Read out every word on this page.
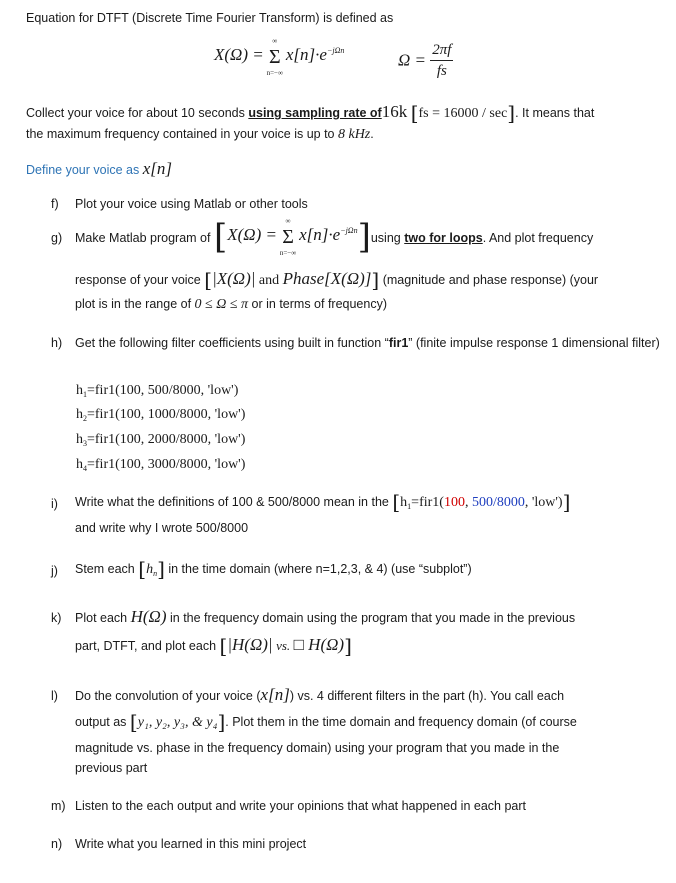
Equation for DTFT (Discrete Time Fourier Transform) is defined as
X(Ω) =
∞
Σ
n=−∞
$x[n]\cdot e^{-j\Omega n}$	$\Omega = \frac{2\pi f}{fs}$
Collect your voice for about 10 seconds using sampling rate of16k [fs = 16000 / sec]. It means that
the maximum frequency contained in your voice is up to 8 kHz.
Define your voice as x[n]
f) Plot your voice using Matlab or other tools
g) Make Matlab program of [X(Ω) =
∞
Σ
n=−∞
$x[n]\cdot e^{-j\Omega n}]using$ two for loops. And plot frequency
response of your voice [|X(Ω)| and Phase[X(Ω)]] (magnitude and phase response) (your
plot is in the range of 0 ≤ Ω ≤ π or in terms of frequency)
h) Get the following filter coefficients using built in function “fir1” (finite impulse response 1 dimensional filter)
$h_1=fir1(100$, 500/8000, 'low')
$h_2=fir1(100$, 1000/8000, 'low')
$h_3=fir1(100$, 2000/8000, 'low')
$h_4=fir1(100$, 3000/8000, 'low')
i) Write what the definitions of 100 & 500/8000 mean in the [$h_1=fir1(100$, 500/8000, 'low')]
and write why I wrote 500/8000
j) Stem each $[h_n]$ in the time domain (where n=1,2,3, & 4) (use “subplot”)
k) Plot each H(Ω) in the frequency domain using the program that you made in the previous
part, DTFT, and plot each [|H(Ω)| vs. □ H(Ω)]
l) Do the convolution of your voice (x[n]) vs. 4 different filters in the part (h). You call each
output as [y₁, y₂, y₃, & y₄]. Plot them in the time domain and frequency domain (of course
magnitude vs. phase in the frequency domain) using your program that you made in the
previous part
m) Listen to the each output and write your opinions that what happened in each part
n) Write what you learned in this mini project
